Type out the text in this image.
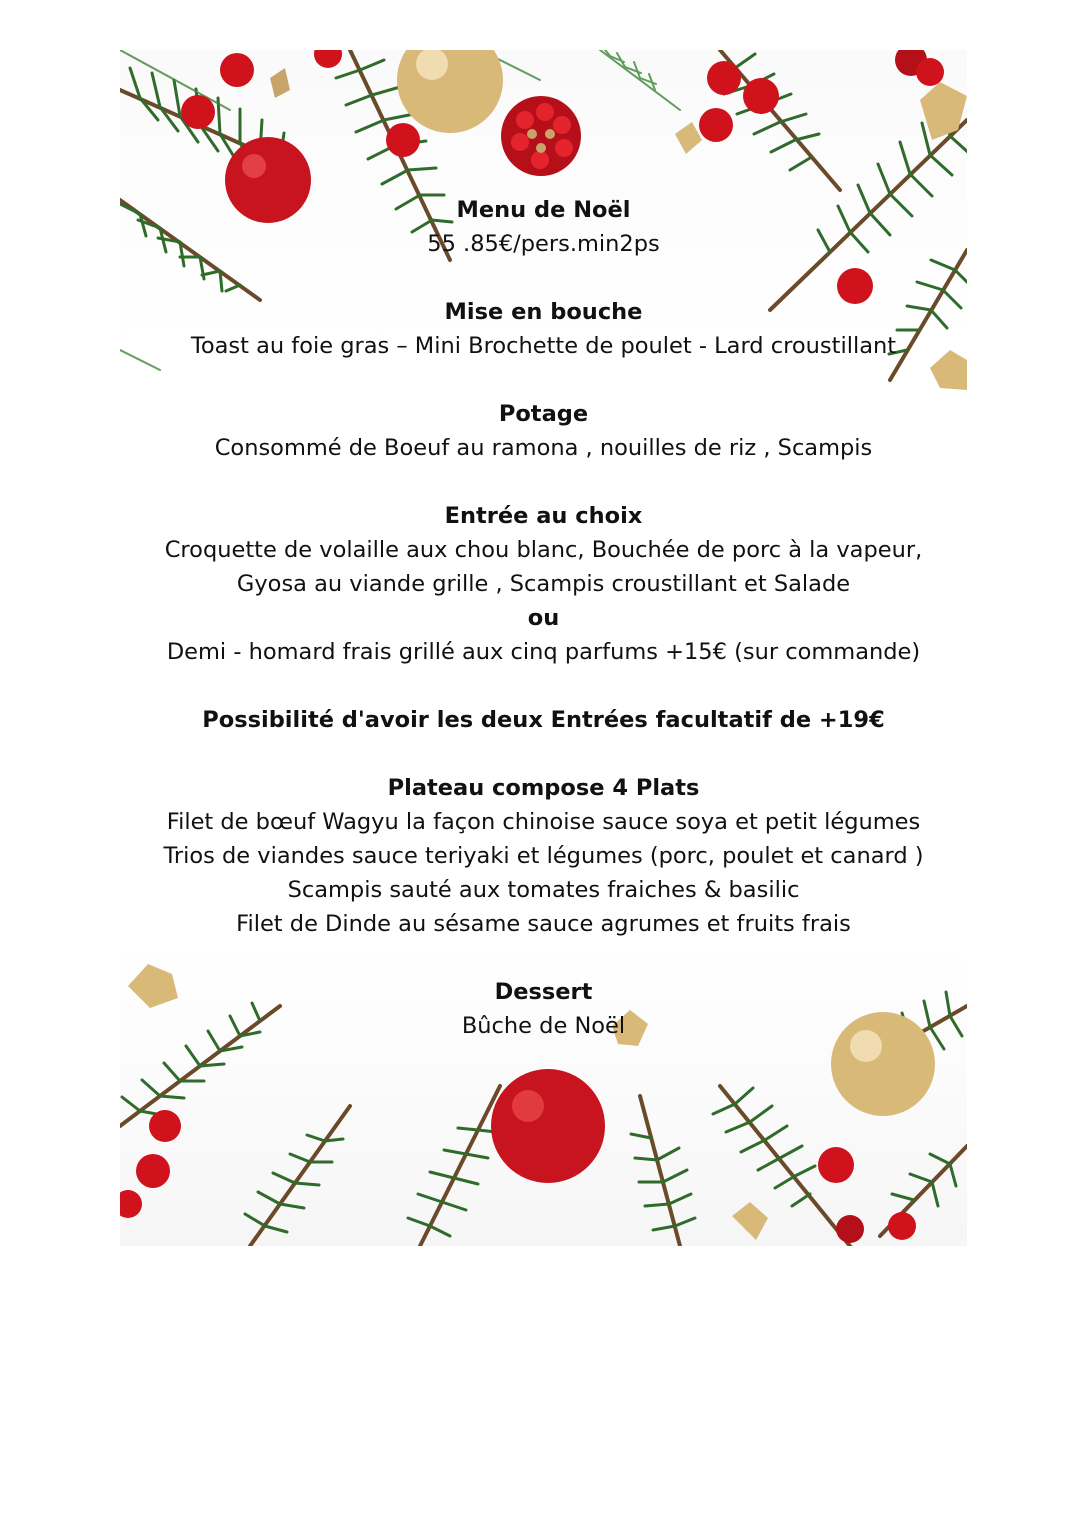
Menu de Noël

55 .85€/pers.min2ps

Mise en bouche

Toast au foie gras – Mini Brochette de poulet - Lard croustillant

Potage

Consommé de Boeuf au ramona , nouilles de riz , Scampis

Entrée au choix

Croquette de volaille aux chou blanc, Bouchée de porc à la vapeur,

Gyosa au viande grille , Scampis croustillant et Salade

ou

Demi - homard frais grillé aux cinq parfums +15€ (sur commande)

Possibilité d'avoir les deux Entrées facultatif de +19€

Plateau compose 4 Plats

Filet de bœuf Wagyu la façon chinoise sauce soya et petit légumes

Trios de viandes sauce teriyaki et légumes (porc, poulet et canard )

Scampis sauté aux tomates fraiches & basilic

Filet de Dinde au sésame sauce agrumes et fruits frais

Dessert

Bûche de Noël
